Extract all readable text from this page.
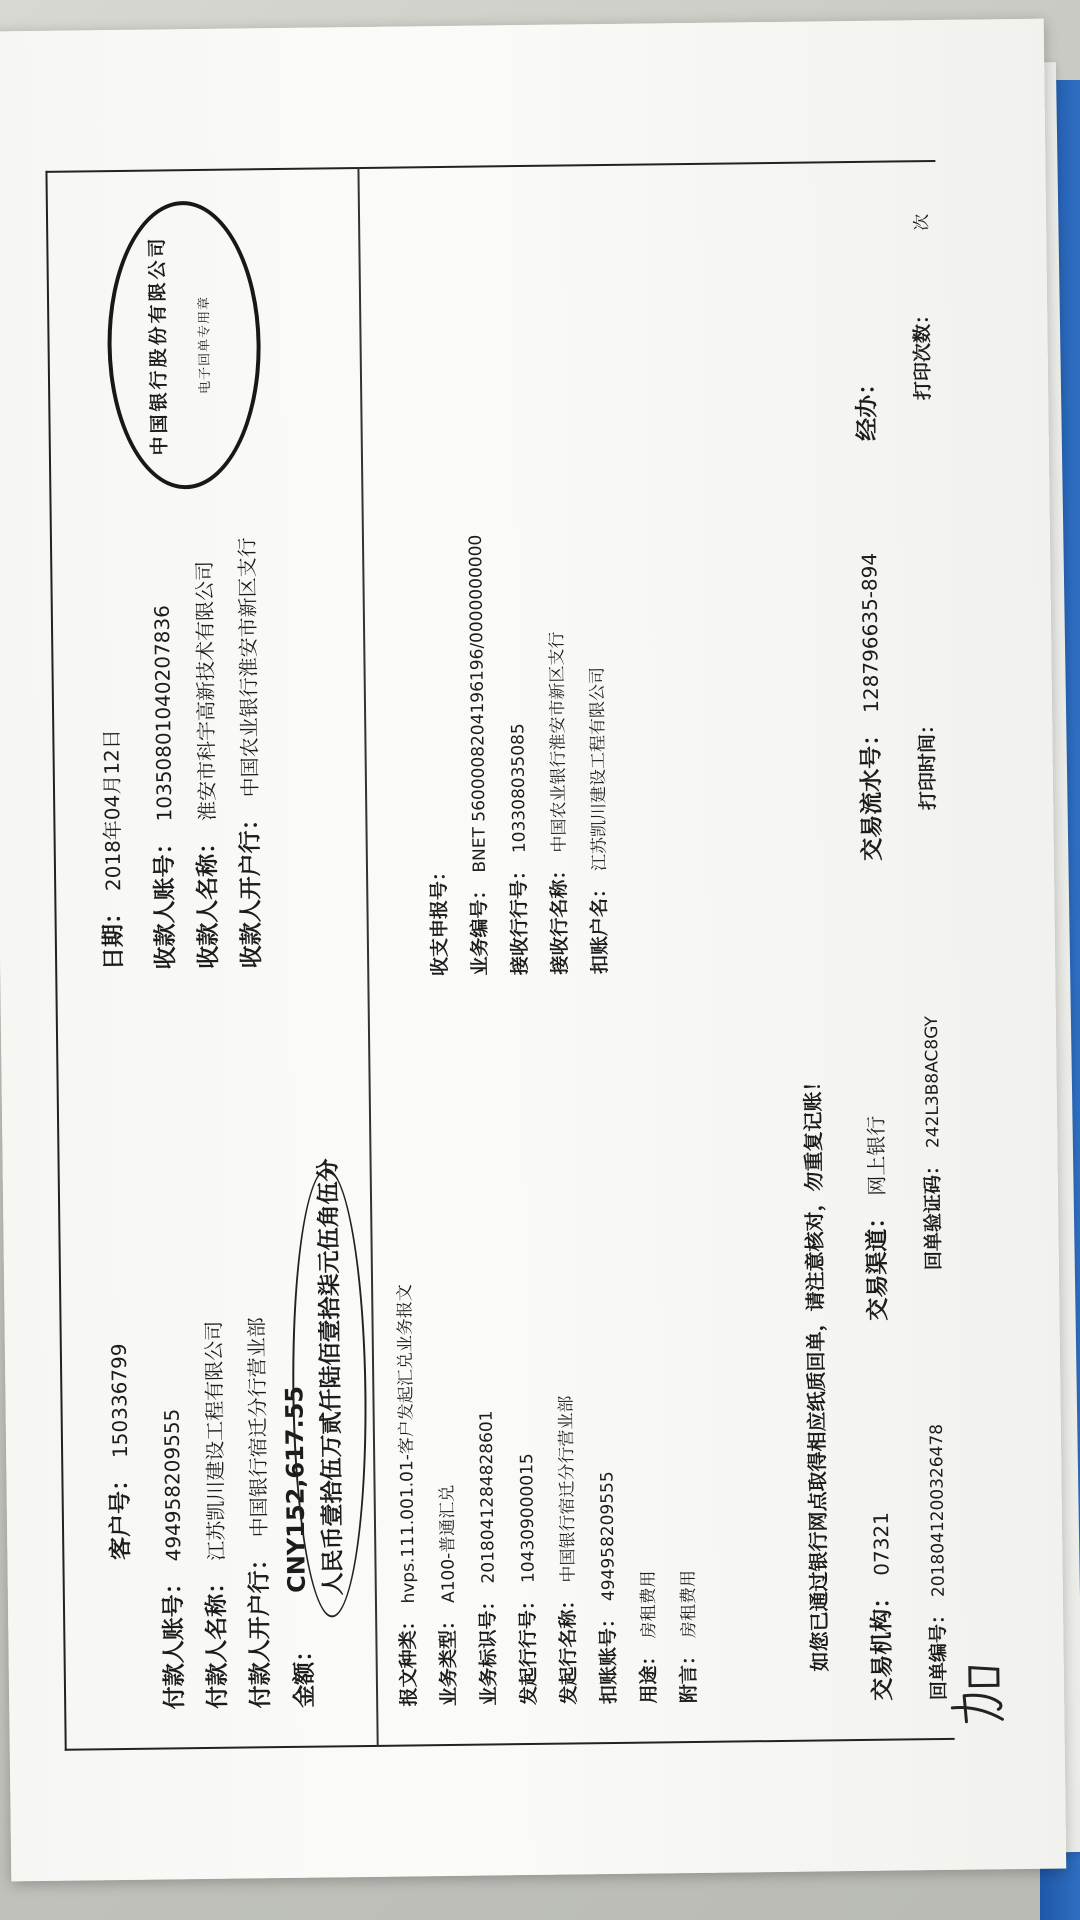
客户号：150336799
日期：2018年04月12日
付款人账号：494958209555
付款人名称：江苏凯川建设工程有限公司
付款人开户行：中国银行宿迁分行营业部
收款人账号：10350801040207836
收款人名称：淮安市科宇高新技术有限公司
收款人开户行：中国农业银行淮安市新区支行
金额：
CNY152,617.55 人民币壹拾伍万贰仟陆佰壹拾柒元伍角伍分
报文种类：hvps.111.001.01-客户发起汇兑业务报文
业务类型：A100-普通汇兑
业务标识号：20180412848286​01
发起行行号：104309000015
发起行名称：中国银行宿迁分行营业部
扣账账号：494958209555
用途：房租费用
附言：房租费用
收支申报号： 业务编号：BNET 560000820419619​6/0000000000
接收行行号：103308035085
接收行名称：中国农业银行淮安市新区支行
扣账户名：江苏凯川建设工程有限公司
如您已通过银行网点取得相应纸质回单，请注意核对，勿重复记账！ 交易机构：07321
交易渠道：网上银行
交易流水号：128796635-894
经办：
回单编号：201804120032647​8
回单验证码：242L3B8AC8GY
打印时间：
打印次数： 次
中国银行股份有限公司	电子回单专用章
